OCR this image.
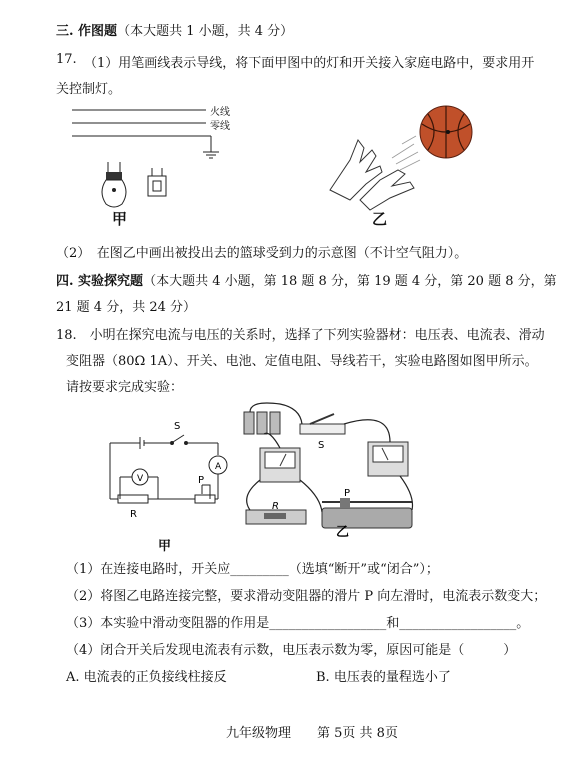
三. 作图题（本大题共 1 小题，共 4 分）
17. （1）用笔画线表示导线，将下面甲图中的灯和开关接入家庭电路中，要求用开
关控制灯。
火线
零线
甲	乙
（2）　在图乙中画出被投出去的篮球受到力的示意图（不计空气阻力）。
四. 实验探究题（本大题共 4 小题，第 18 题 8 分，第 19 题 4 分，第 20 题 8 分，第
21 题 4 分，共 24 分）
18.　小明在探究电流与电压的关系时，选择了下列实验器材：电压表、电流表、滑动
变阻器（80Ω 1A）、开关、电池、定值电阻、导线若干，实验电路图如图甲所示。
请按要求完成实验：
S
V
A
R
P
甲
S
R
P
乙
（1）在连接电路时，开关应_________（选填“断开”或“闭合”）；
（2）将图乙电路连接完整，要求滑动变阻器的滑片 P 向左滑时，电流表示数变大；
（3）本实验中滑动变阻器的作用是__________________和__________________。
（4）闭合开关后发现电流表有示数，电压表示数为零，原因可能是（　　　）
A. 电流表的正负接线柱接反	B. 电压表的量程选小了
九年级物理　　第 5页 共 8页
